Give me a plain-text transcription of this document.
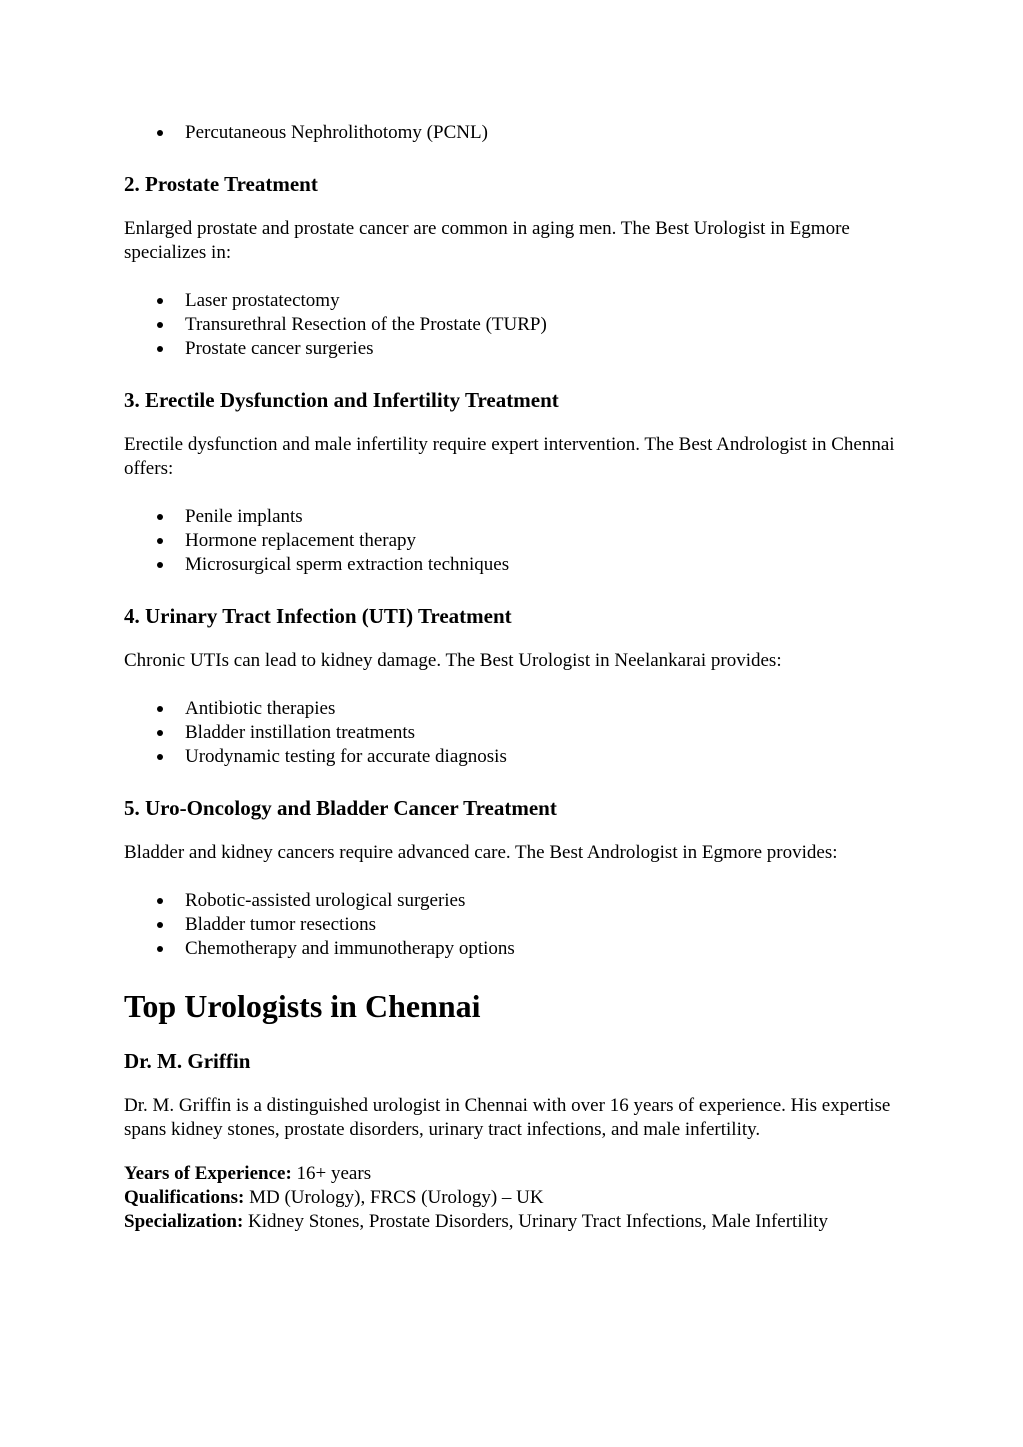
Percutaneous Nephrolithotomy (PCNL)
2. Prostate Treatment

Enlarged prostate and prostate cancer are common in aging men. The Best Urologist in Egmore specializes in:

Laser prostatectomy
Transurethral Resection of the Prostate (TURP)
Prostate cancer surgeries
3. Erectile Dysfunction and Infertility Treatment

Erectile dysfunction and male infertility require expert intervention. The Best Andrologist in Chennai offers:

Penile implants
Hormone replacement therapy
Microsurgical sperm extraction techniques
4. Urinary Tract Infection (UTI) Treatment

Chronic UTIs can lead to kidney damage. The Best Urologist in Neelankarai provides:

Antibiotic therapies
Bladder instillation treatments
Urodynamic testing for accurate diagnosis
5. Uro-Oncology and Bladder Cancer Treatment

Bladder and kidney cancers require advanced care. The Best Andrologist in Egmore provides:

Robotic-assisted urological surgeries
Bladder tumor resections
Chemotherapy and immunotherapy options
Top Urologists in Chennai
Dr. M. Griffin

Dr. M. Griffin is a distinguished urologist in Chennai with over 16 years of experience. His expertise spans kidney stones, prostate disorders, urinary tract infections, and male infertility.

Years of Experience: 16+ years

Qualifications: MD (Urology), FRCS (Urology) – UK

Specialization: Kidney Stones, Prostate Disorders, Urinary Tract Infections, Male Infertility
